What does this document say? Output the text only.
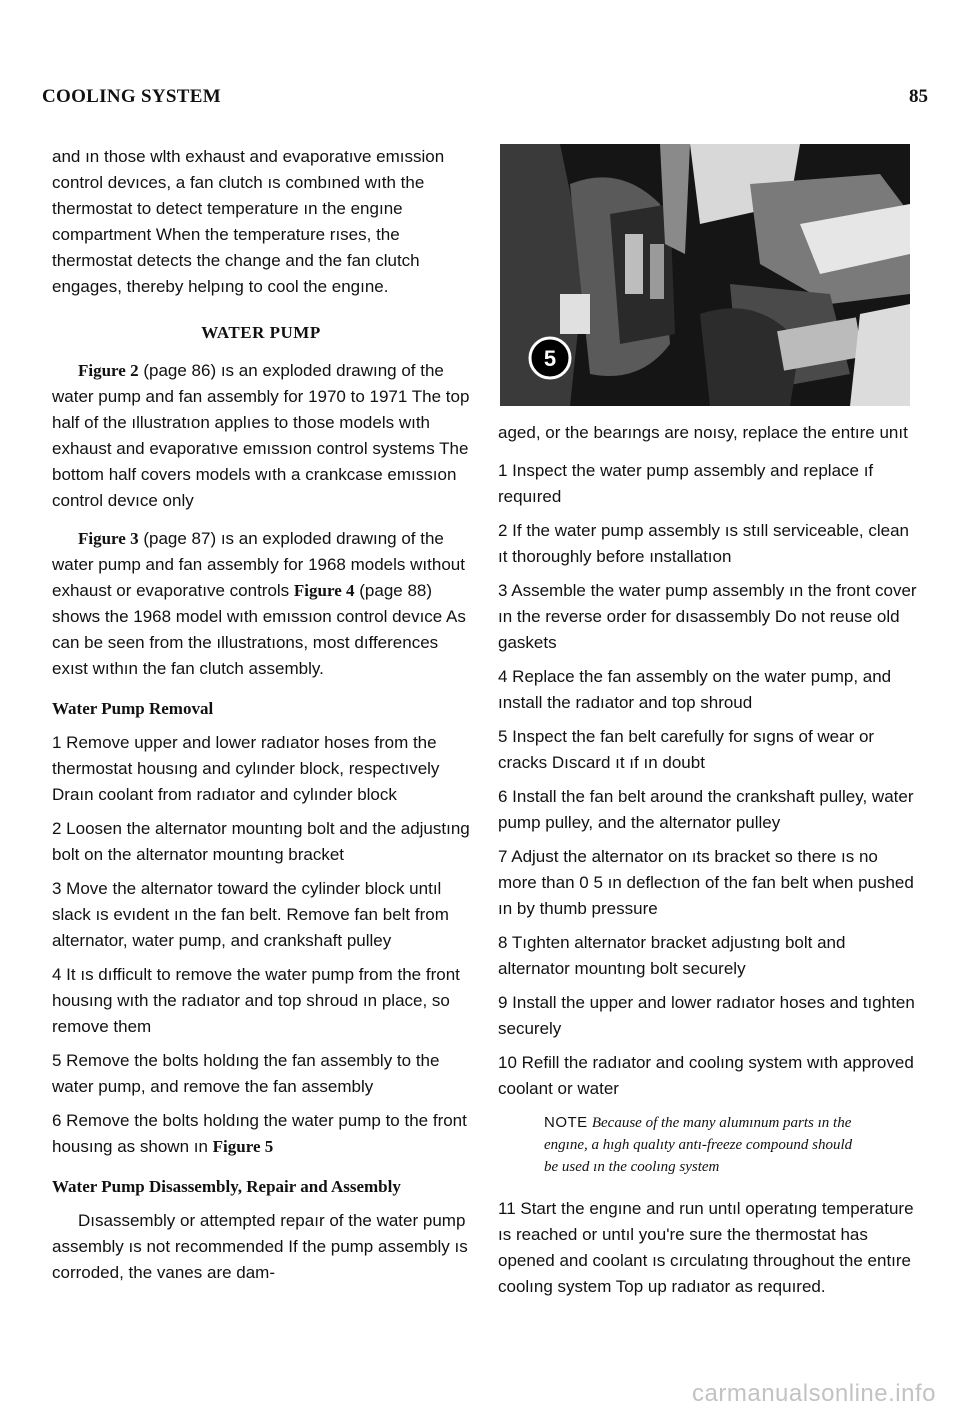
COOLING SYSTEM	85

and ın those wlth exhaust and evaporatıve emıssion control devıces, a fan clutch ıs combıned wıth the thermostat to detect temperature ın the engıne compartment When the temperature rıses, the thermostat detects the change and the fan clutch engages, thereby helpıng to cool the engıne.

WATER PUMP

Figure 2 (page 86) ıs an exploded drawıng of the water pump and fan assembly for 1970 to 1971 The top half of the ıllustratıon applıes to those models wıth exhaust and evaporatıve emıssıon control systems The bottom half covers models wıth a crankcase emıssıon control devıce only

Figure 3 (page 87) ıs an exploded drawıng of the water pump and fan assembly for 1968 models wıthout exhaust or evaporatıve controls Figure 4 (page 88) shows the 1968 model wıth emıssıon control devıce As can be seen from the ıllustratıons, most dıfferences exıst wıthın the fan clutch assembly.

Water Pump Removal

1 Remove upper and lower radıator hoses from the thermostat housıng and cylınder block, respectıvely Draın coolant from radıator and cylınder block

2 Loosen the alternator mountıng bolt and the adjustıng bolt on the alternator mountıng bracket

3 Move the alternator toward the cylinder block untıl slack ıs evıdent ın the fan belt. Remove fan belt from alternator, water pump, and crankshaft pulley

4 It ıs dıfficult to remove the water pump from the front housıng wıth the radıator and top shroud ın place, so remove them

5 Remove the bolts holdıng the fan assembly to the water pump, and remove the fan assembly

6 Remove the bolts holdıng the water pump to the front housıng as shown ın Figure 5

Water Pump Disassembly, Repair and Assembly

Dısassembly or attempted repaır of the water pump assembly ıs not recommended If the pump assembly ıs corroded, the vanes are dam-

5

aged, or the bearıngs are noısy, replace the entıre unıt

1 Inspect the water pump assembly and replace ıf requıred

2 If the water pump assembly ıs stıll serviceable, clean ıt thoroughly before ınstallatıon

3 Assemble the water pump assembly ın the front cover ın the reverse order for dısassembly Do not reuse old gaskets

4 Replace the fan assembly on the water pump, and ınstall the radıator and top shroud

5 Inspect the fan belt carefully for sıgns of wear or cracks Dıscard ıt ıf ın doubt

6 Install the fan belt around the crankshaft pulley, water pump pulley, and the alternator pulley

7 Adjust the alternator on ıts bracket so there ıs no more than 0 5 ın deflectıon of the fan belt when pushed ın by thumb pressure

8 Tıghten alternator bracket adjustıng bolt and alternator mountıng bolt securely

9 Install the upper and lower radıator hoses and tıghten securely

10 Refill the radıator and coolıng system wıth approved coolant or water

NOTE Because of the many alumınum parts ın the engıne, a hıgh qualıty antı-freeze compound should be used ın the coolıng system

11 Start the engıne and run untıl operatıng temperature ıs reached or untıl you're sure the thermostat has opened and coolant ıs cırculatıng throughout the entıre coolıng system Top up radıator as requıred.

carmanualsonline.info
